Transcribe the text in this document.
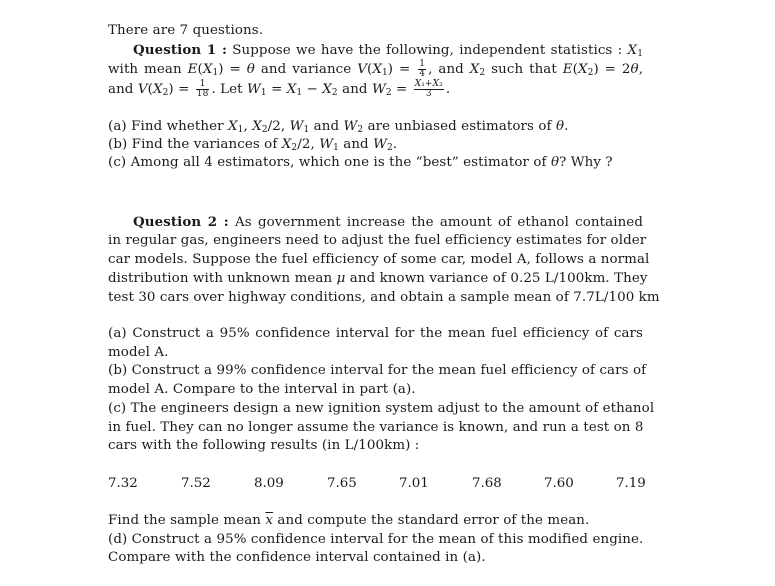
There are 7 questions.
Question 1 : Suppose we have the following, independent statistics : $X_1$
with mean $E(X_1) = \theta$ and variance $V(X_1) = \frac{1}{4}$ , and $X_2$ such that $E(X_2) = 2\theta$,
and $V(X_2) = \frac{1}{18}$ . Let $W_1 = X_1 - X_2$ and $W_2 = \frac{\text{X₁+X₂}}{3}$ .
(a) Find whether $X_1$, $X_2/2$, $W_1$ and $W_2$ are unbiased estimators of θ.
(b) Find the variances of $X_2/2$, $W_1$ and $W_2$.
(c) Among all 4 estimators, which one is the “best” estimator of θ? Why ?
Question 2 : As government increase the amount of ethanol contained
in regular gas, engineers need to adjust the fuel efficiency estimates for older
car models. Suppose the fuel efficiency of some car, model A, follows a normal
distribution with unknown mean μ and known variance of 0.25 L/100km. They
test 30 cars over highway conditions, and obtain a sample mean of 7.7L/100 km
(a) Construct a 95% confidence interval for the mean fuel efficiency of cars
model A.
(b) Construct a 99% confidence interval for the mean fuel efficiency of cars of
model A. Compare to the interval in part (a).
(c) The engineers design a new ignition system adjust to the amount of ethanol
in fuel. They can no longer assume the variance is known, and run a test on 8
cars with the following results (in L/100km) :
7.32	7.52	8.09	7.65	7.01	7.68	7.60	7.19
Find the sample mean $\overline{x}$ and compute the standard error of the mean.
(d) Construct a 95% confidence interval for the mean of this modified engine.
Compare with the confidence interval contained in (a).
